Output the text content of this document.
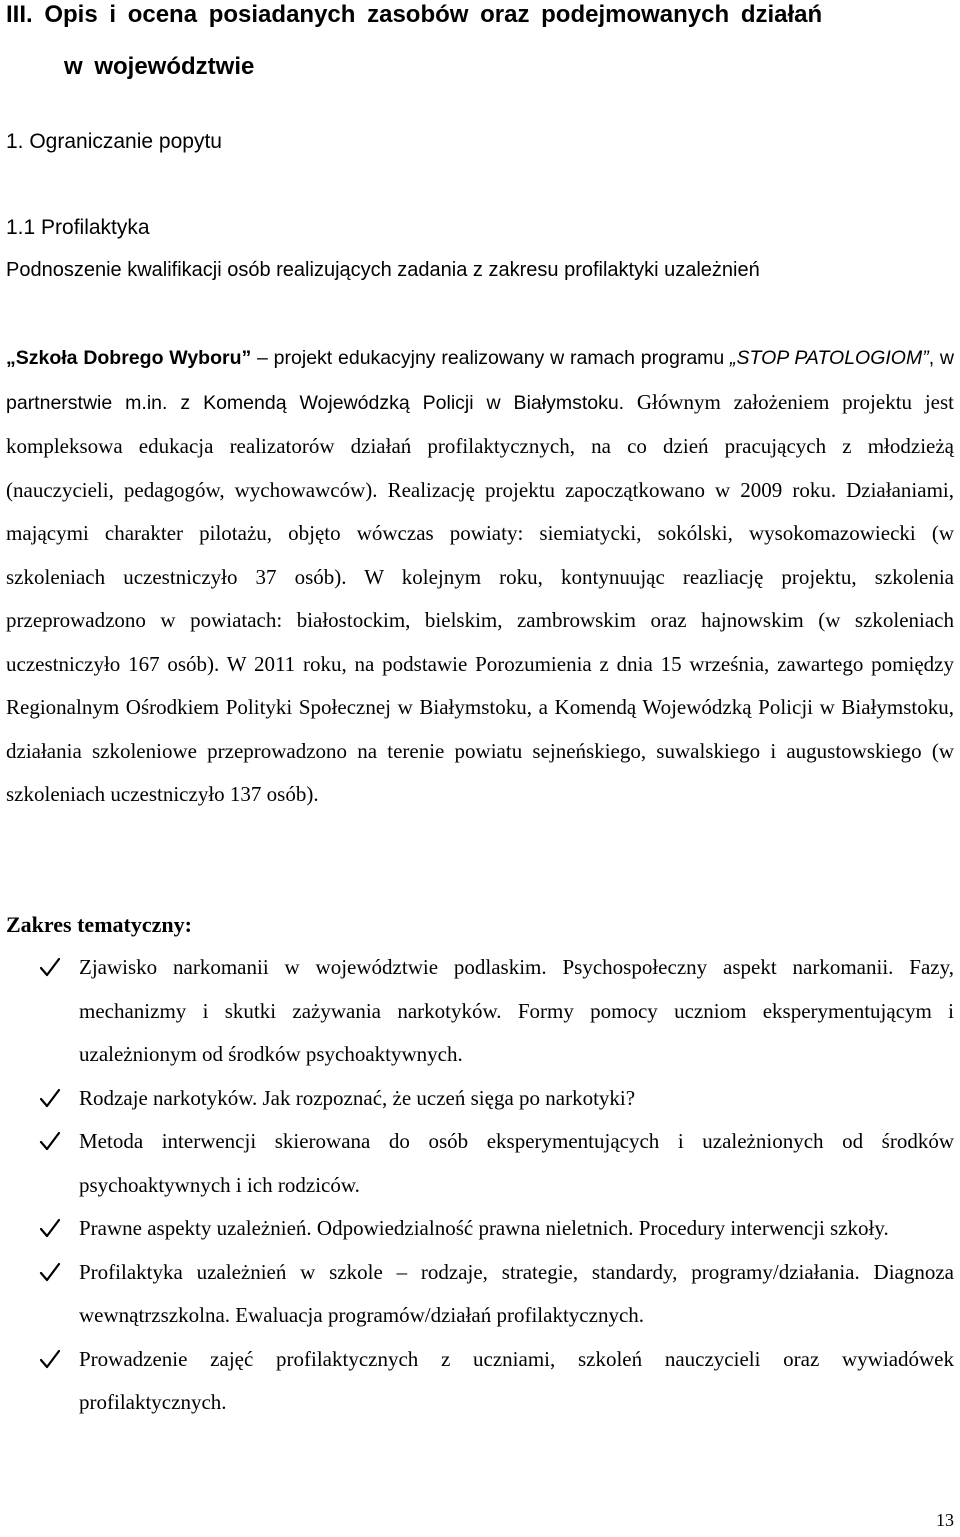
III. Opis i ocena posiadanych zasobów oraz podejmowanych działań
w województwie
1. Ograniczanie popytu
1.1 Profilaktyka

Podnoszenie kwalifikacji osób realizujących zadania z zakresu profilaktyki uzależnień

„Szkoła Dobrego Wyboru” – projekt edukacyjny realizowany w ramach programu „STOP PATOLOGIOM”, w partnerstwie m.in. z Komendą Wojewódzką Policji w Białymstoku. Głównym założeniem projektu jest kompleksowa edukacja realizatorów działań profilaktycznych, na co dzień pracujących z młodzieżą (nauczycieli, pedagogów, wychowawców). Realizację projektu zapoczątkowano w 2009 roku. Działaniami, mającymi charakter pilotażu, objęto wówczas powiaty: siemiatycki, sokólski, wysokomazowiecki (w szkoleniach uczestniczyło 37 osób). W kolejnym roku, kontynuując reazliację projektu, szkolenia przeprowadzono w powiatach: białostockim, bielskim, zambrowskim oraz hajnowskim (w szkoleniach uczestniczyło 167 osób). W 2011 roku, na podstawie Porozumienia z dnia 15 września, zawartego pomiędzy Regionalnym Ośrodkiem Polityki Społecznej w Białymstoku, a Komendą Wojewódzką Policji w Białymstoku, działania szkoleniowe przeprowadzono na terenie powiatu sejneńskiego, suwalskiego i augustowskiego (w szkoleniach uczestniczyło 137 osób).

Zakres tematyczny:

Zjawisko narkomanii w województwie podlaskim. Psychospołeczny aspekt narkomanii. Fazy, mechanizmy i skutki zażywania narkotyków. Formy pomocy uczniom eksperymentującym i uzależnionym od środków psychoaktywnych.
Rodzaje narkotyków. Jak rozpoznać, że uczeń sięga po narkotyki?
Metoda interwencji skierowana do osób eksperymentujących i uzależnionych od środków psychoaktywnych i ich rodziców.
Prawne aspekty uzależnień. Odpowiedzialność prawna nieletnich. Procedury interwencji szkoły.
Profilaktyka uzależnień w szkole – rodzaje, strategie, standardy, programy/działania. Diagnoza wewnątrzszkolna. Ewaluacja programów/działań profilaktycznych.
Prowadzenie zajęć profilaktycznych z uczniami, szkoleń nauczycieli oraz wywiadówek profilaktycznych.

13
